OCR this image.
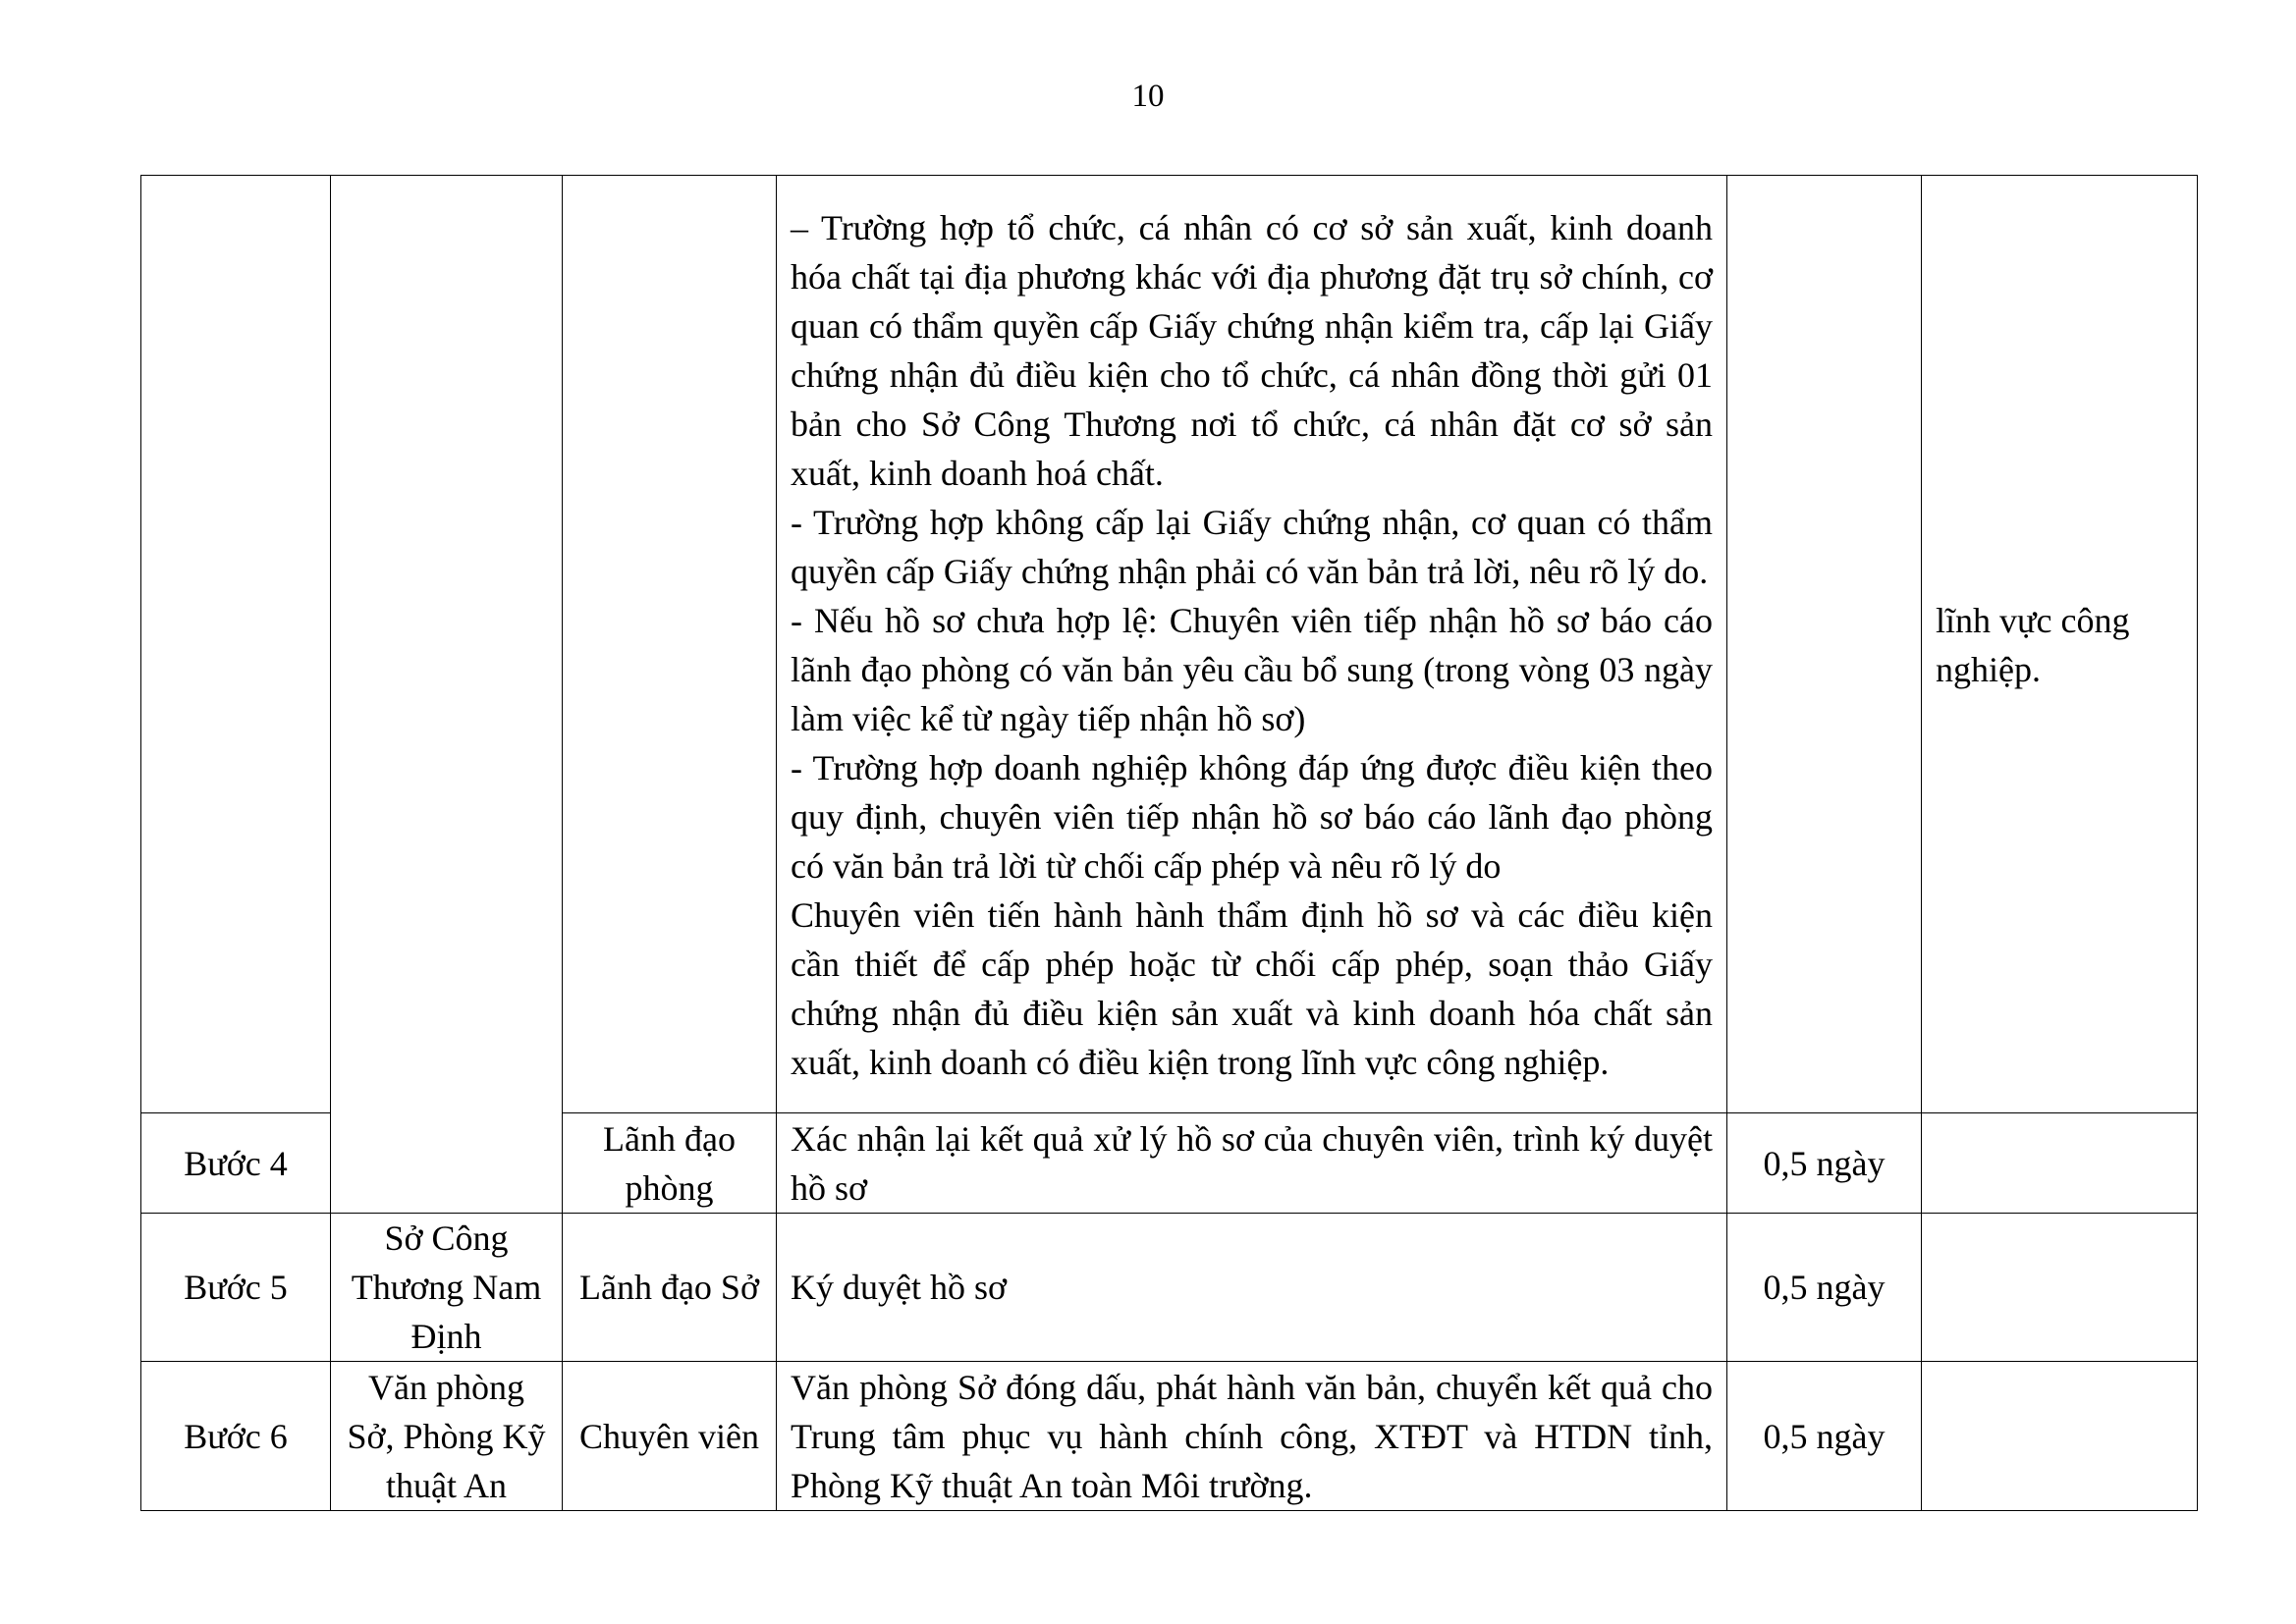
10

			– Trường hợp tổ chức, cá nhân có cơ sở sản xuất, kinh doanh hóa chất tại địa phương khác với địa phương đặt trụ sở chính, cơ quan có thẩm quyền cấp Giấy chứng nhận kiểm tra, cấp lại Giấy chứng nhận đủ điều kiện cho tổ chức, cá nhân đồng thời gửi 01 bản cho Sở Công Thương nơi tổ chức, cá nhân đặt cơ sở sản xuất, kinh doanh hoá chất.
- Trường hợp không cấp lại Giấy chứng nhận, cơ quan có thẩm quyền cấp Giấy chứng nhận phải có văn bản trả lời, nêu rõ lý do.
- Nếu hồ sơ chưa hợp lệ: Chuyên viên tiếp nhận hồ sơ báo cáo lãnh đạo phòng có văn bản yêu cầu bổ sung (trong vòng 03 ngày làm việc kể từ ngày tiếp nhận hồ sơ)
- Trường hợp doanh nghiệp không đáp ứng được điều kiện theo quy định, chuyên viên tiếp nhận hồ sơ báo cáo lãnh đạo phòng có văn bản trả lời từ chối cấp phép và nêu rõ lý do
Chuyên viên tiến hành hành thẩm định hồ sơ và các điều kiện cần thiết để cấp phép hoặc từ chối cấp phép, soạn thảo Giấy chứng nhận đủ điều kiện sản xuất và kinh doanh hóa chất sản xuất, kinh doanh có điều kiện trong lĩnh vực công nghiệp.		lĩnh vực công nghiệp.
Bước 4		Lãnh đạo phòng	Xác nhận lại kết quả xử lý hồ sơ của chuyên viên, trình ký duyệt hồ sơ	0,5 ngày	
Bước 5	Sở Công Thương Nam Định	Lãnh đạo Sở	Ký duyệt hồ sơ	0,5 ngày	
Bước 6	Văn phòng Sở, Phòng Kỹ thuật An	Chuyên viên	Văn phòng Sở đóng dấu, phát hành văn bản, chuyển kết quả cho Trung tâm phục vụ hành chính công, XTĐT và HTDN tỉnh, Phòng Kỹ thuật An toàn Môi trường.	0,5 ngày	
